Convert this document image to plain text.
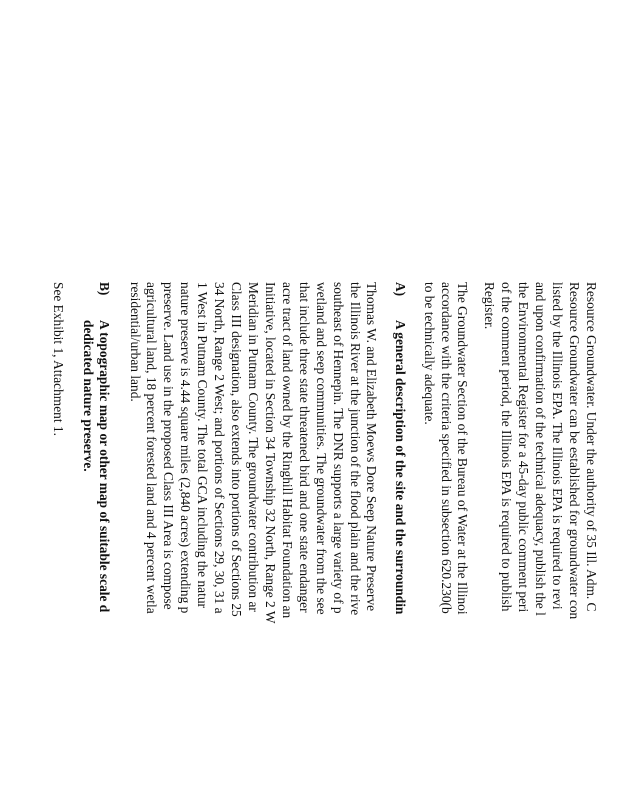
Resource Groundwater. Under the authority of 35 Ill. Adm. C
Resource Groundwater can be established for groundwater con
listed by the Illinois EPA. The Illinois EPA is required to revi
and upon confirmation of the technical adequacy, publish the l
the Environmental Register for a 45-day public comment peri
of the comment period, the Illinois EPA is required to publish
Register.
The Groundwater Section of the Bureau of Water at the Illinoi
accordance with the criteria specified in subsection 620.230(b
to be technically adequate.
A)
A general description of the site and the surroundin
Thomas W. and Elizabeth Moews Dore Seep Nature Preserve
the Illinois River at the junction of the flood plain and the rive
southeast of Hennepin. The DNR supports a large variety of p
wetland and seep communities. The groundwater from the see
that include three state threatened bird and one state endanger
acre tract of land owned by the Ringhill Habitat Foundation an
Initiative, located in Section 34 Township 32 North, Range 2 W
Meridian in Putnam County. The groundwater contribution ar
Class III designation, also extends into portions of Sections 25
34 North, Range 2 West; and portions of Sections 29, 30, 31 a
1 West in Putnam County. The total GCA including the natur
nature preserve is 4.44 square miles (2,840 acres) extending p
preserve. Land use in the proposed Class III Area is compose
agricultural land, 18 percent forested land and 4 percent wetla
residential/urban land.
B)
A topographic map or other map of suitable scale d
dedicated nature preserve.
See Exhibit 1, Attachment 1.
